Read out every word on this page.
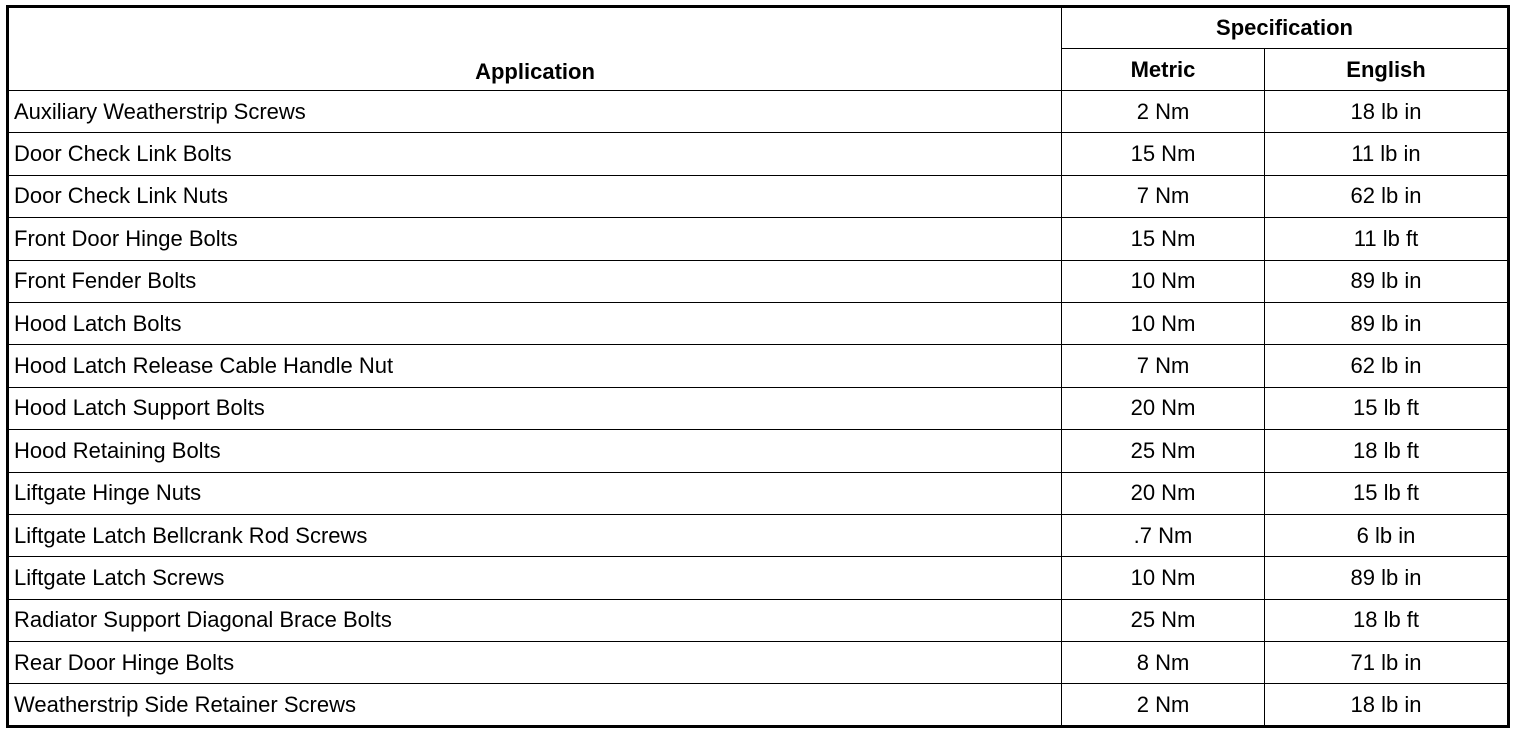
Application	Specification	
	Metric	English
Auxiliary Weatherstrip Screws	2 Nm	18 lb in
Door Check Link Bolts	15 Nm	11 lb in
Door Check Link Nuts	7 Nm	62 lb in
Front Door Hinge Bolts	15 Nm	11 lb ft
Front Fender Bolts	10 Nm	89 lb in
Hood Latch Bolts	10 Nm	89 lb in
Hood Latch Release Cable Handle Nut	7 Nm	62 lb in
Hood Latch Support Bolts	20 Nm	15 lb ft
Hood Retaining Bolts	25 Nm	18 lb ft
Liftgate Hinge Nuts	20 Nm	15 lb ft
Liftgate Latch Bellcrank Rod Screws	.7 Nm	6 lb in
Liftgate Latch Screws	10 Nm	89 lb in
Radiator Support Diagonal Brace Bolts	25 Nm	18 lb ft
Rear Door Hinge Bolts	8 Nm	71 lb in
Weatherstrip Side Retainer Screws	2 Nm	18 lb in
